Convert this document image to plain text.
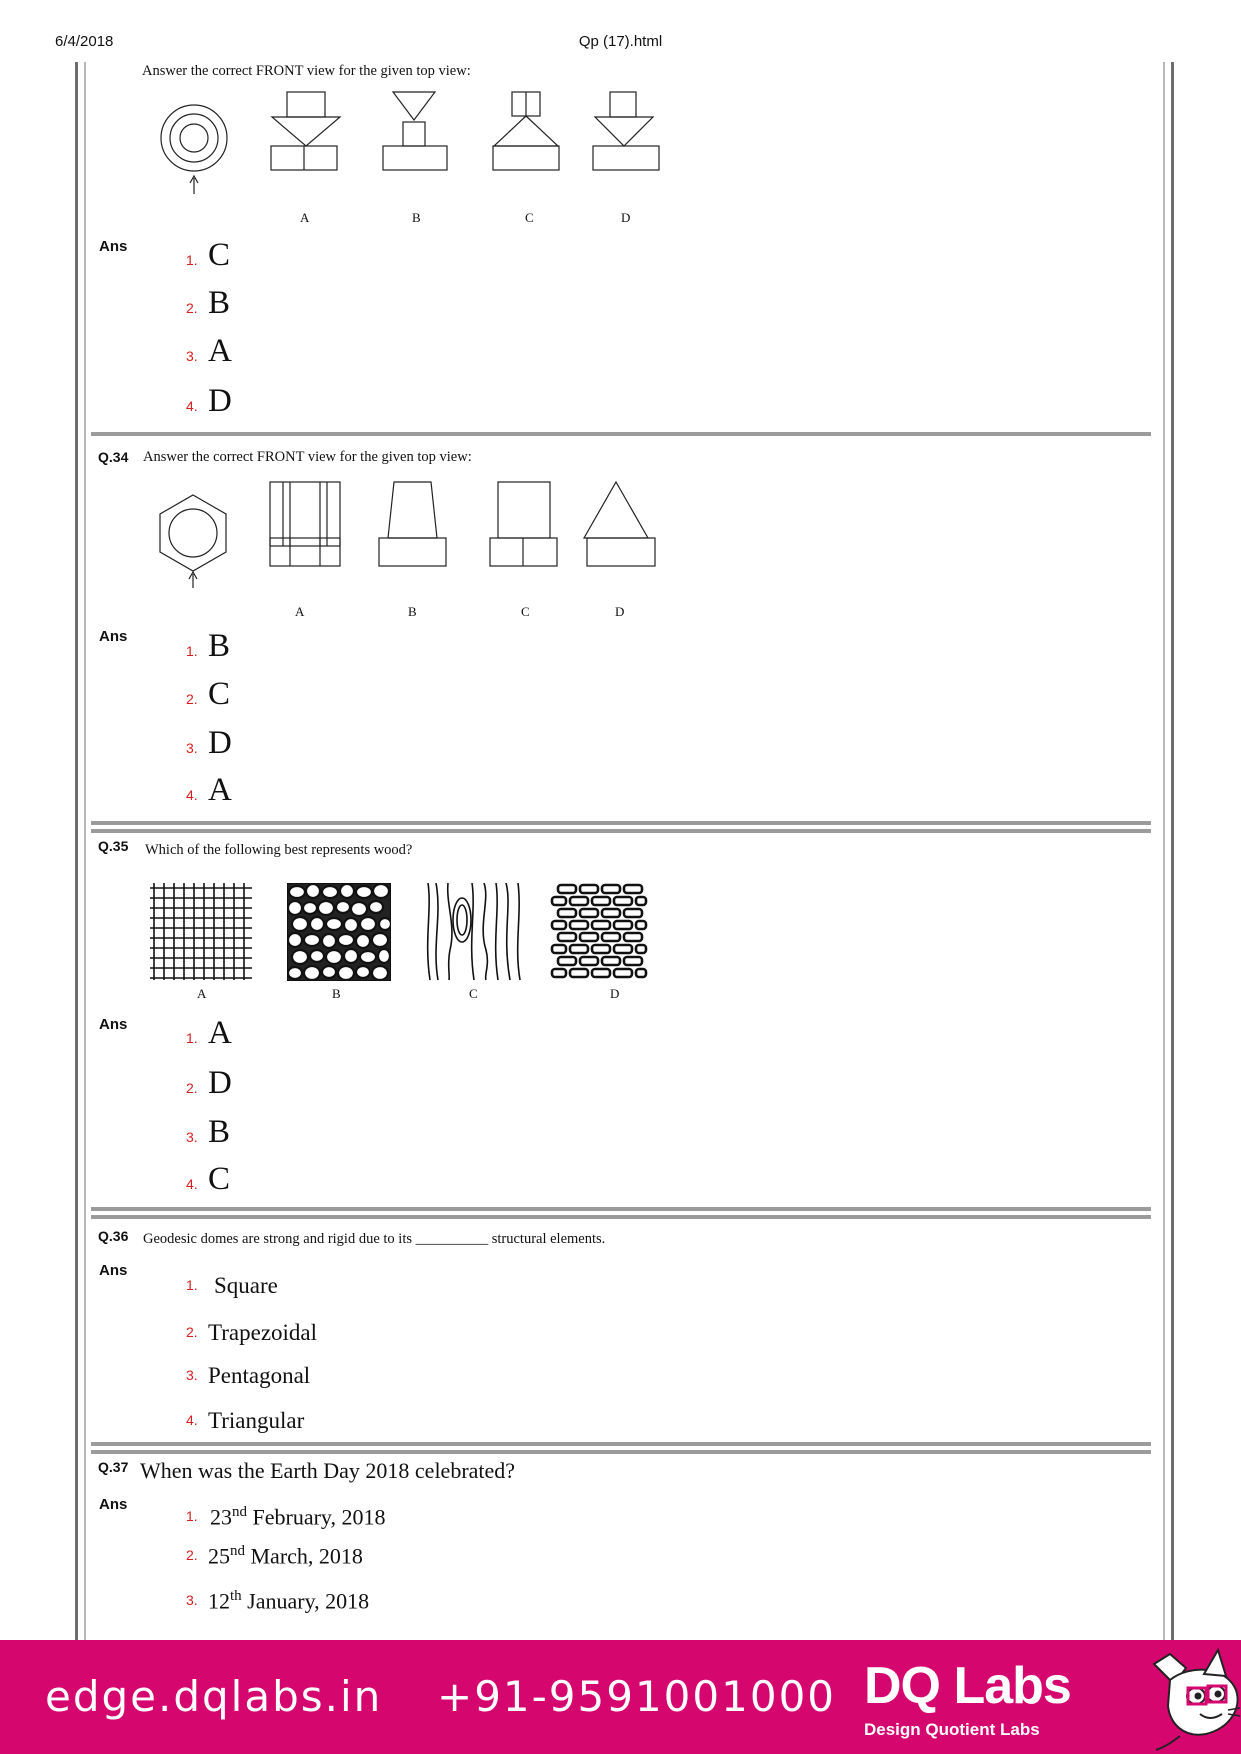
6/4/2018	Qp (17).html
Answer the correct FRONT view for the given top view:
A	B	C	D
Ans
1. C
2. B
3. A
4. D
Q.34 Answer the correct FRONT view for the given top view:
A	B	C	D
Ans
1. B
2. C
3. D
4. A
Q.35 Which of the following best represents wood?
A	B	C	D
Ans
1. A
2. D
3. B
4. C
Q.36 Geodesic domes are strong and rigid due to its __________ structural elements.
Ans
1. Square
2. Trapezoidal
3. Pentagonal
4. Triangular
Q.37 When was the Earth Day 2018 celebrated?
Ans
1. 23nd February, 2018
2. 25nd March, 2018
3. 12th January, 2018
edge.dqlabs.in +91-9591001000 DQ Labs
Design Quotient Labs
